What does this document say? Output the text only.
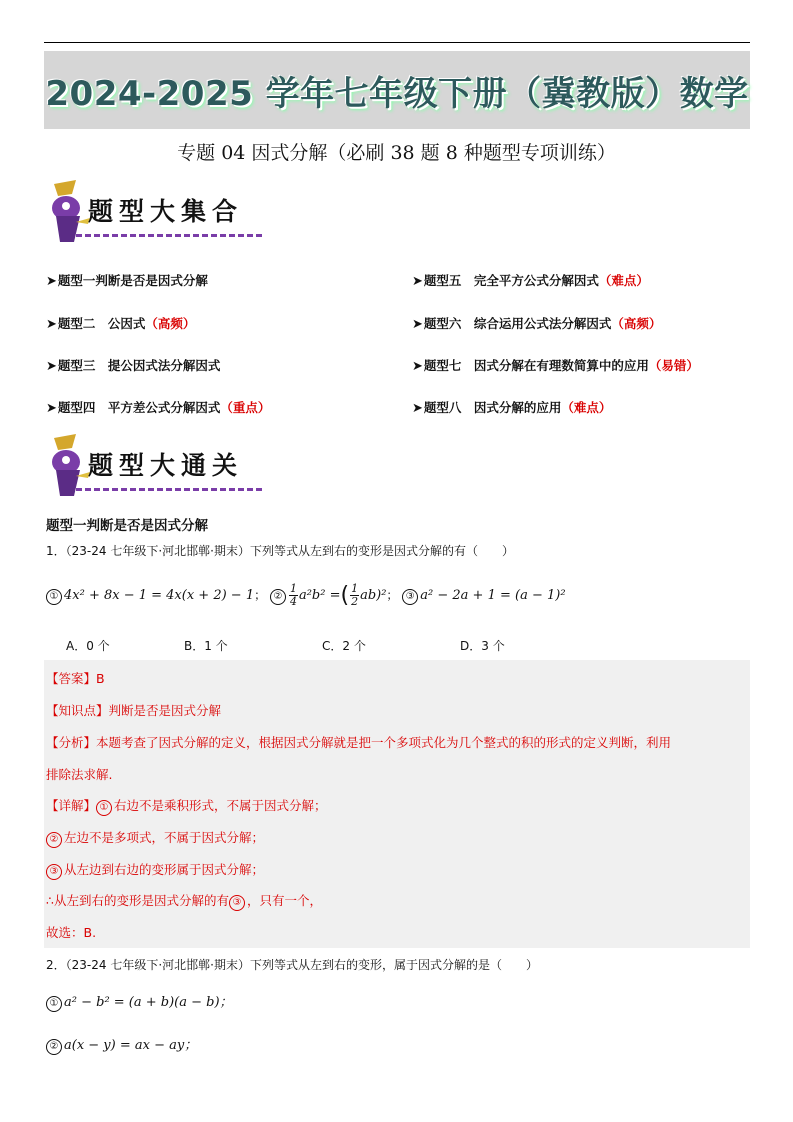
2024-2025 学年七年级下册（冀教版）数学
专题 04 因式分解（必刷 38 题 8 种题型专项训练）
题型大集合
➤题型一判断是否是因式分解
➤题型二　公因式（高频）
➤题型三　提公因式法分解因式
➤题型四　平方差公式分解因式（重点）
➤题型五　完全平方公式分解因式（难点）
➤题型六　综合运用公式法分解因式（高频）
➤题型七　因式分解在有理数简算中的应用（易错）
➤题型八　因式分解的应用（难点）
题型大通关
题型一判断是否是因式分解
1．（23-24 七年级下·河北邯郸·期末）下列等式从左到右的变形是因式分解的有（　　）
① 4x² + 8x − 1 = 4x(x + 2) − 1； ② $\frac{1}{4} a^2b^2$ =( $\frac{1}{2} ab)^2$； ③ a² − 2a + 1 = (a − 1)²
A．0 个	B．1 个	C．2 个	D．3 个
【答案】B
【知识点】判断是否是因式分解
【分析】本题考查了因式分解的定义，根据因式分解就是把一个多项式化为几个整式的积的形式的定义判断，利用
排除法求解.
【详解】 ① 右边不是乘积形式，不属于因式分解；
② 左边不是多项式，不属于因式分解；
③ 从左边到右边的变形属于因式分解；
∴从左到右的变形是因式分解的有 ③ ，只有一个，
故选：B.
2．（23-24 七年级下·河北邯郸·期末）下列等式从左到右的变形，属于因式分解的是（　　）
① a² − b² = (a + b)(a − b)；
② a(x − y) = ax − ay；
